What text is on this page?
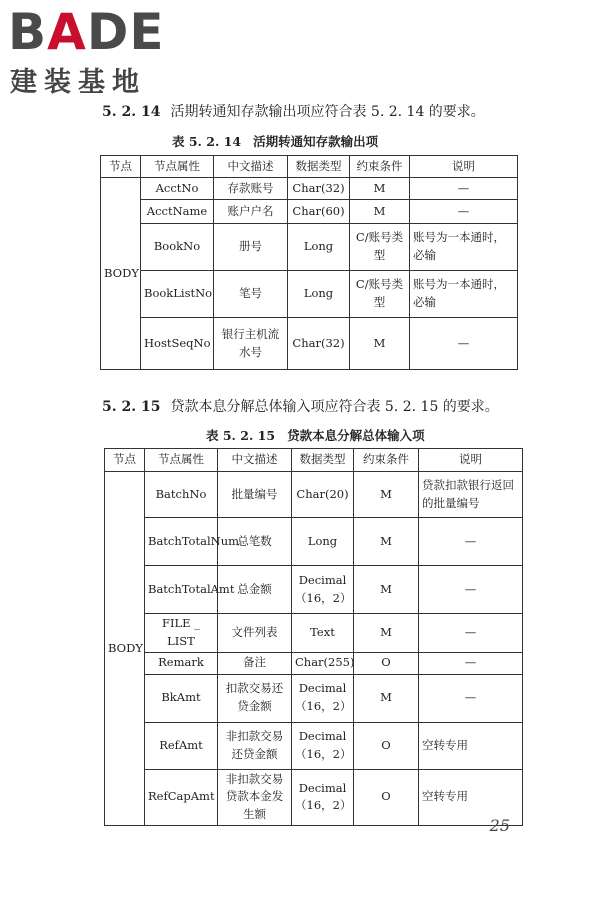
BADE
建装基地
5. 2. 14 活期转通知存款输出项应符合表 5. 2. 14 的要求。
表 5. 2. 14 活期转通知存款输出项
节点	节点属性	中文描述	数据类型	约束条件	说明
BODY	AcctNo	存款账号	Char(32)	M	—
	AcctName	账户户名	Char(60)	M	—
	BookNo	册号	Long	C/账号类型	账号为一本通时，必输
	BookListNo	笔号	Long	C/账号类型	账号为一本通时，必输
	HostSeqNo	银行主机流水号	Char(32)	M	—
5. 2. 15 贷款本息分解总体输入项应符合表 5. 2. 15 的要求。
表 5. 2. 15 贷款本息分解总体输入项
节点	节点属性	中文描述	数据类型	约束条件	说明
BODY	BatchNo	批量编号	Char(20)	M	贷款扣款银行返回的批量编号
	BatchTotalNum	总笔数	Long	M	—
	BatchTotalAmt	总金额	Decimal（16，2）	M	—
	FILE _ LIST	文件列表	Text	M	—
	Remark	备注	Char(255)	O	—
	BkAmt	扣款交易还贷金额	Decimal（16，2）	M	—
	RefAmt	非扣款交易还贷金额	Decimal（16，2）	O	空转专用
	RefCapAmt	非扣款交易贷款本金发生额	Decimal（16，2）	O	空转专用
25
